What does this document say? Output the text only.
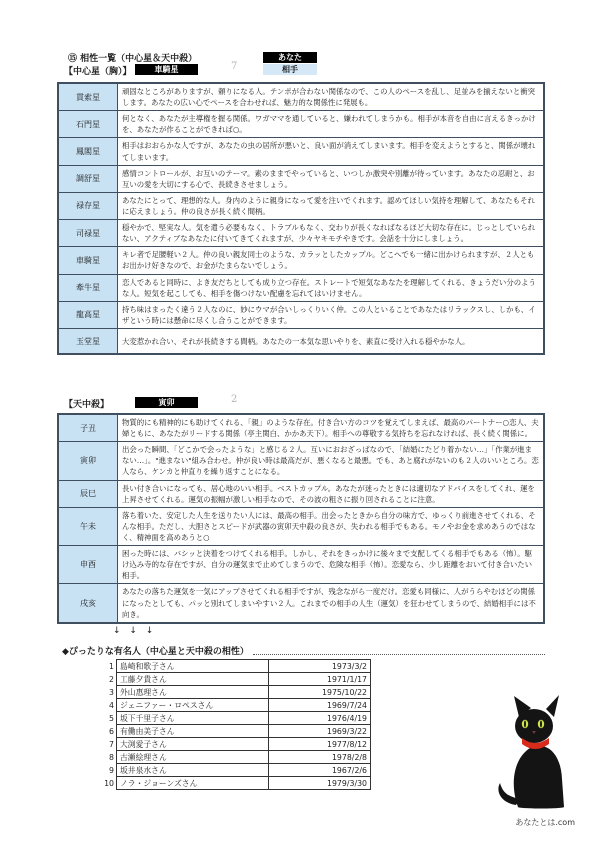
⑮ 相性一覧（中心星＆天中殺）	あなた
【中心星（胸）】	車騎星	7	相手
貫索星	頑固なところがありますが、頼りになる人。テンポが合わない関係なので、この人のペースを乱し、足並みを揃えないと衝突します。あなたの広い心でペースを合わせれば、魅力的な関係性に発展も。
石門星	何となく、あなたが主導権を握る関係。ワガママを通していると、嫌われてしまうかも。相手が本音を自由に言えるきっかけを、あなたが作ることができれば○。
鳳閣星	相手はおおらかな人ですが、あなたの虫の居所が悪いと、良い面が消えてしまいます。相手を変えようとすると、関係が壊れてしまいます。
調舒星	感情コントロールが、お互いのテーマ。素のままでやっていると、いつしか激突や別離が待っています。あなたの忍耐と、お互いの愛を大切にする心で、長続きさせましょう。
禄存星	あなたにとって、理想的な人。身内のように親身になって愛を注いでくれます。認めてほしい気持を理解して、あなたもそれに応えましょう。仲の良さが長く続く間柄。
司禄星	穏やかで、堅実な人。気を遣う必要もなく、トラブルもなく、交わりが長くなればなるほど大切な存在に。じっとしていられない、アクティブなあなたに付いてきてくれますが、少々ヤキモチやきです。会話を十分にしましょう。
車騎星	キレ者で足腰軽い２人。仲の良い親友同士のような、カラッとしたカップル。どこへでも一緒に出かけられますが、２人ともお出かけ好きなので、お金がたまらないでしょう。
牽牛星	恋人であると同時に、よき友だちとしても成り立つ存在。ストレートで短気なあなたを理解してくれる、きょうだい分のような人。短気を起こしても、相手を傷つけない配慮を忘れてはいけません。
龍高星	持ち味はまったく違う２人なのに、妙にウマが合いしっくりいく仲。この人といることであなたはリラックスし、しかも、イザという時には懸命に尽くし合うことができます。
玉堂星	大変惹かれ合い、それが長続きする間柄。あなたの一本気な思いやりを、素直に受け入れる穏やかな人。
【天中殺】	寅卯	2
子丑	物質的にも精神的にも助けてくれる、「親」のような存在。付き合い方のコツを覚えてしまえば、最高のパートナー○恋人、夫婦ともに、あなたがリードする関係（亭主関白、かかあ天下）。相手への尊敬する気持ちを忘れなければ、長く続く関係に。
寅卯	出会った瞬間、「どこかで会ったような」と感じる２人。互いにおおざっぱなので、「結婚にたどり着かない…」「作業が進まない…」。"進まない"組み合わせ。仲が良い時は最高だが、悪くなると最悪。でも、あと腐れがないのも２人のいいところ。恋人なら、ケンカと仲直りを繰り返すことになる。
辰巳	長い付き合いになっても、居心地のいい相手。ベストカップル。あなたが迷ったときには適切なアドバイスをしてくれ、運を上昇させてくれる。運気の振幅が激しい相手なので、その波の粗さに振り回されることに注意。
午未	落ち着いた、安定した人生を送りたい人には、最高の相手。出会ったときから自分の味方で、ゆっくり前進させてくれる、そんな相手。ただし、大胆さとスピードが武器の寅卯天中殺の良さが、失われる相手でもある。モノやお金を求めあうのではなく、精神面を高めあうと○
申酉	困った時には、バシッと決着をつけてくれる相手。しかし、それをきっかけに後々まで支配してくる相手でもある（怖）。駆け込み寺的な存在ですが、自分の運気まで止めてしまうので、危険な相手（怖）。恋愛なら、少し距離をおいて付き合いたい相手。
戌亥	あなたの落ちた運気を一気にアップさせてくれる相手ですが、残念ながら一度だけ。恋愛も同様に、人がうらやむほどの関係になったとしても、パッと別れてしまいやすい２人。これまでの相手の人生（運気）を狂わせてしまうので、結婚相手には不向き。
↓ ↓ ↓
◆ぴったりな有名人（中心星と天中殺の相性）
1	島崎和歌子さん	1973/3/2
2	工藤夕貴さん	1971/1/17
3	外山惠理さん	1975/10/22
4	ジェニファー・ロペスさん	1969/7/24
5	坂下千里子さん	1976/4/19
6	有働由美子さん	1969/3/22
7	大渕愛子さん	1977/8/12
8	古瀬絵理さん	1978/2/8
9	坂井泉水さん	1967/2/6
10	ノラ・ジョーンズさん	1979/3/30
あなたとは.com
